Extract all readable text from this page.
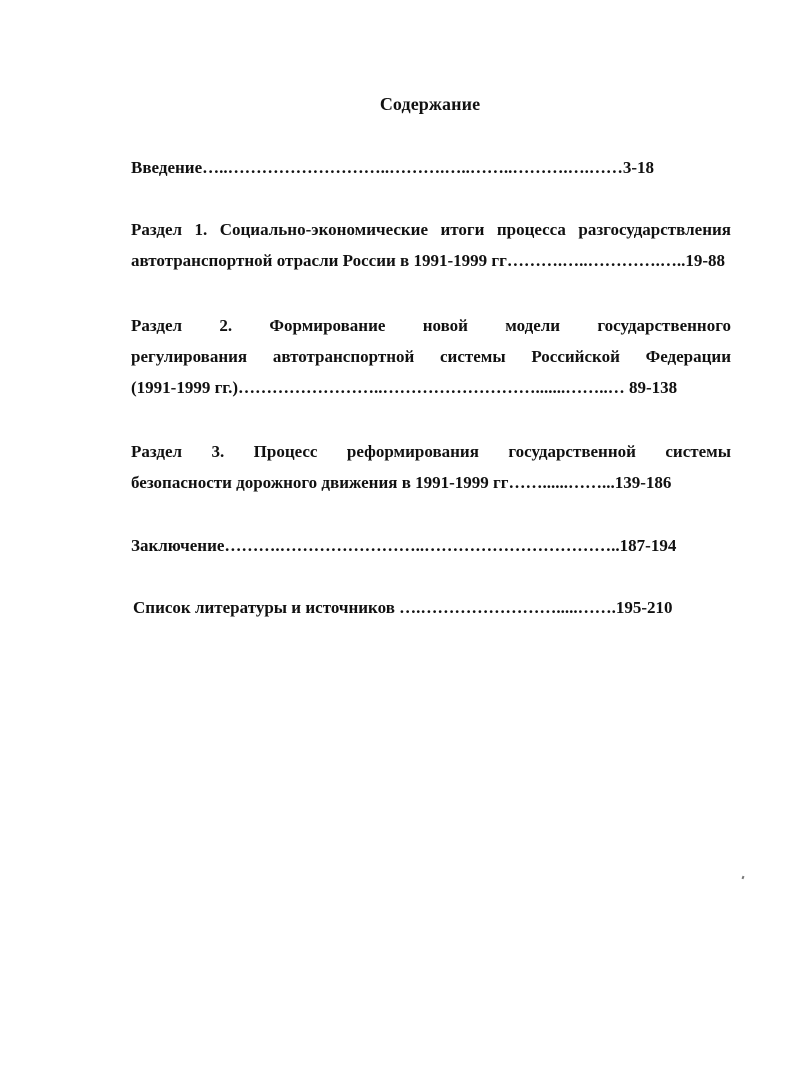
Содержание
Введение…..………………………..……….…..……..……….….……3-18
Раздел 1. Социально-экономические итоги процесса разгосударствления
автотранспортной отрасли России в 1991-1999 гг……….…..………….…..19-88
Раздел 2. Формирование новой модели государственного
регулирования автотранспортной системы Российской Федерации
(1991-1999 гг.)……………………..……………………….......……..… 89-138
Раздел 3. Процесс реформирования государственной системы
безопасности дорожного движения в 1991-1999 гг……......……...139-186
Заключение……….……………………..……………………………..187-194
Список литературы и источников ….…………………….....…….195-210
